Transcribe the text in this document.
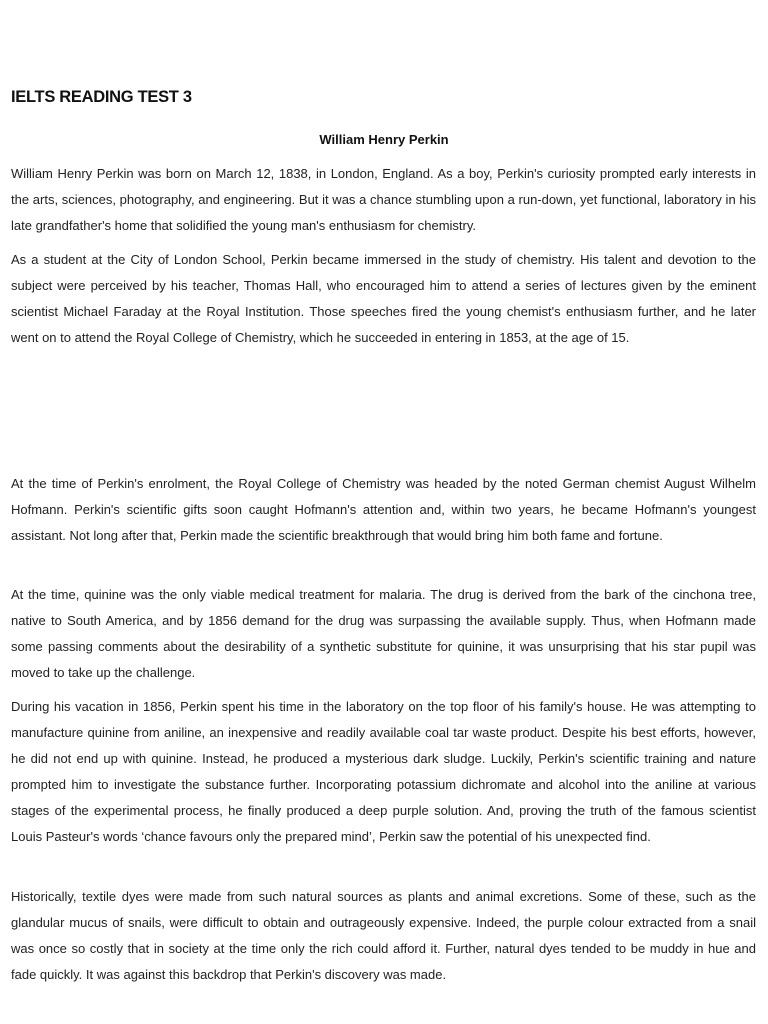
IELTS READING TEST 3
William Henry Perkin

William Henry Perkin was born on March 12, 1838, in London, England. As a boy, Perkin's curiosity prompted early interests in the arts, sciences, photography, and engineering. But it was a chance stumbling upon a run-down, yet functional, laboratory in his late grandfather's home that solidified the young man's enthusiasm for chemistry.

As a student at the City of London School, Perkin became immersed in the study of chemistry. His talent and devotion to the subject were perceived by his teacher, Thomas Hall, who encouraged him to attend a series of lectures given by the eminent scientist Michael Faraday at the Royal Institution. Those speeches fired the young chemist's enthusiasm further, and he later went on to attend the Royal College of Chemistry, which he succeeded in entering in 1853, at the age of 15.

At the time of Perkin's enrolment, the Royal College of Chemistry was headed by the noted German chemist August Wilhelm Hofmann. Perkin's scientific gifts soon caught Hofmann's attention and, within two years, he became Hofmann's youngest assistant. Not long after that, Perkin made the scientific breakthrough that would bring him both fame and fortune.

At the time, quinine was the only viable medical treatment for malaria. The drug is derived from the bark of the cinchona tree, native to South America, and by 1856 demand for the drug was surpassing the available supply. Thus, when Hofmann made some passing comments about the desirability of a synthetic substitute for quinine, it was unsurprising that his star pupil was moved to take up the challenge.

During his vacation in 1856, Perkin spent his time in the laboratory on the top floor of his family's house. He was attempting to manufacture quinine from aniline, an inexpensive and readily available coal tar waste product. Despite his best efforts, however, he did not end up with quinine. Instead, he produced a mysterious dark sludge. Luckily, Perkin's scientific training and nature prompted him to investigate the substance further. Incorporating potassium dichromate and alcohol into the aniline at various stages of the experimental process, he finally produced a deep purple solution. And, proving the truth of the famous scientist Louis Pasteur's words ‘chance favours only the prepared mind’, Perkin saw the potential of his unexpected find.

Historically, textile dyes were made from such natural sources as plants and animal excretions. Some of these, such as the glandular mucus of snails, were difficult to obtain and outrageously expensive. Indeed, the purple colour extracted from a snail was once so costly that in society at the time only the rich could afford it. Further, natural dyes tended to be muddy in hue and fade quickly. It was against this backdrop that Perkin's discovery was made.
